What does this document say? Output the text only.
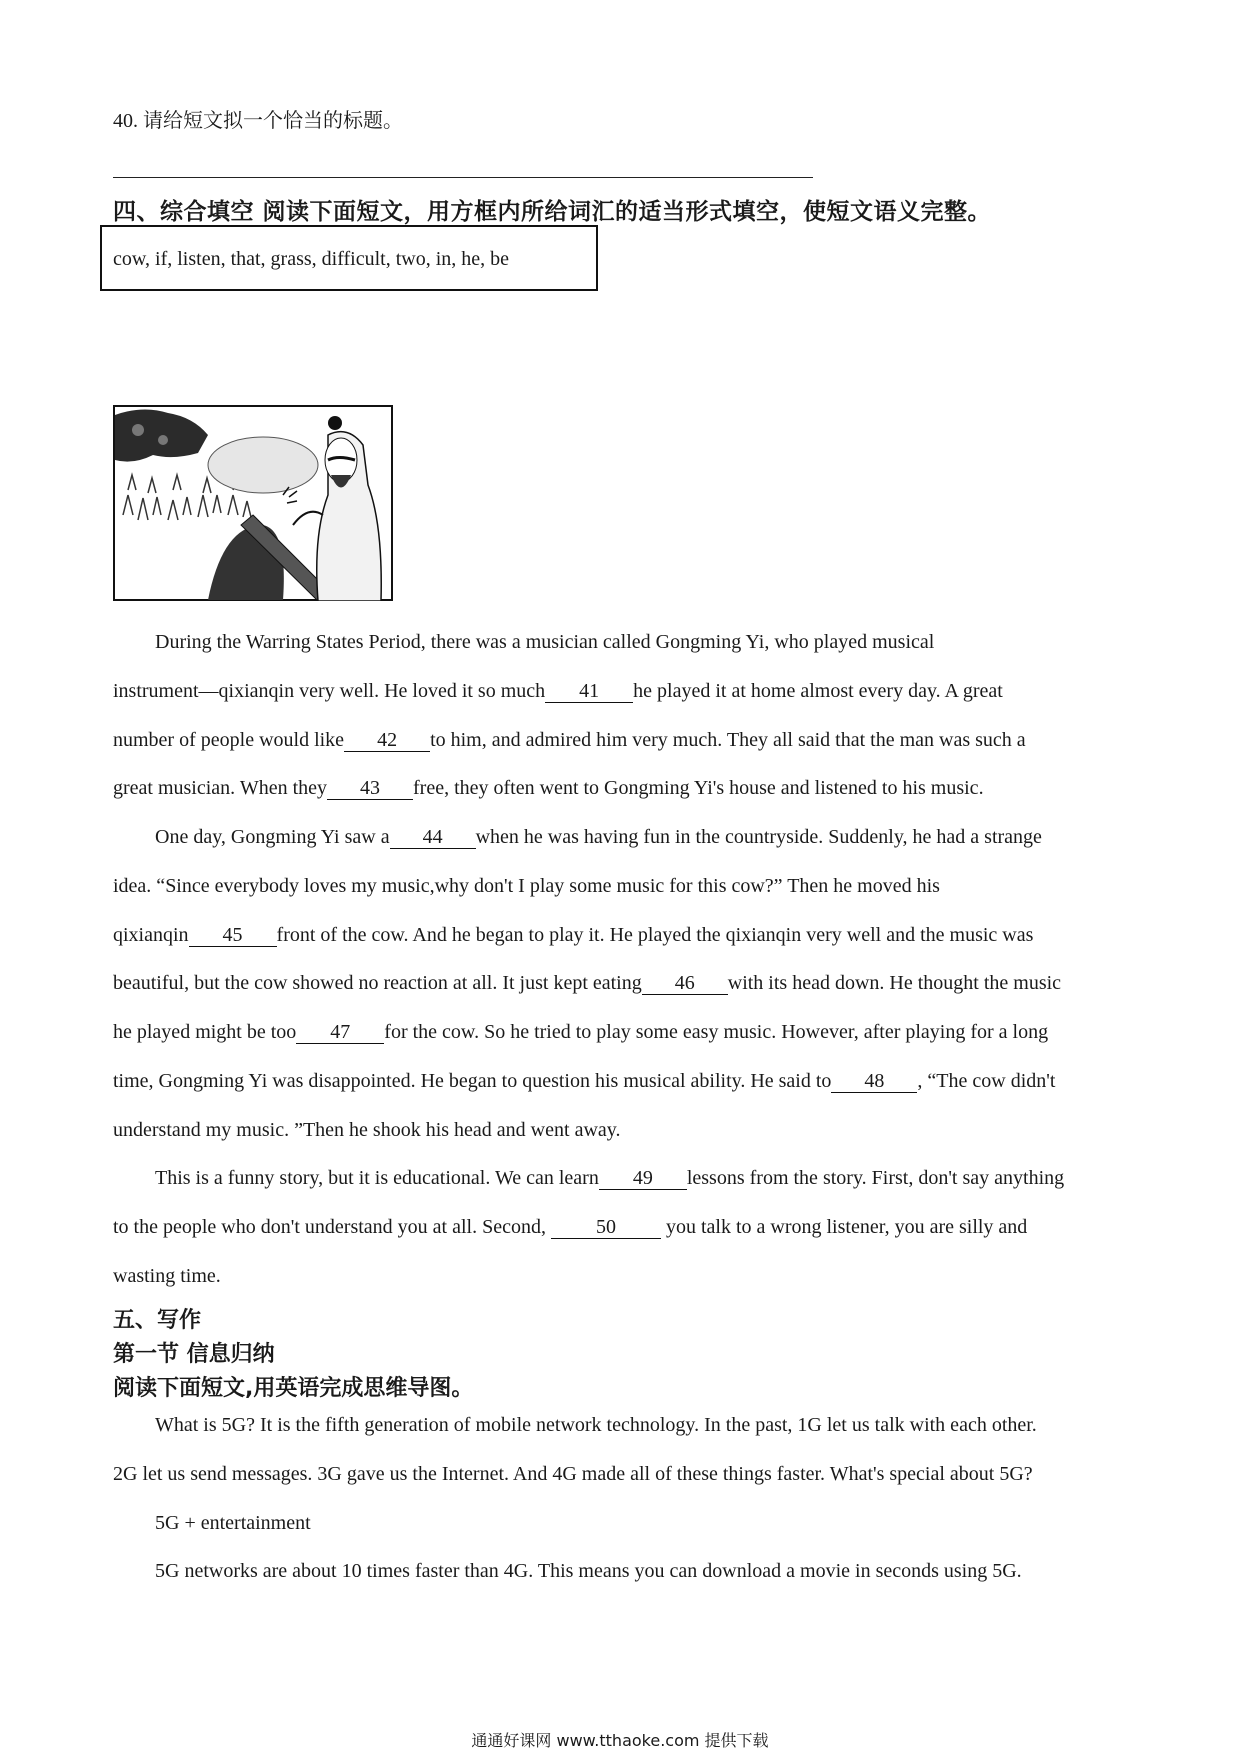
40. 请给短文拟一个恰当的标题。
四、综合填空 阅读下面短文，用方框内所给词汇的适当形式填空，使短文语义完整。
cow, if, listen, that, grass, difficult, two, in, he, be
During the Warring States Period, there was a musician called Gongming Yi, who played musical
instrument—qixianqin very well. He loved it so much 41 he played it at home almost every day. A great
number of people would like 42 to him, and admired him very much. They all said that the man was such a
great musician. When they 43 free, they often went to Gongming Yi's house and listened to his music.
One day, Gongming Yi saw a 44 when he was having fun in the countryside. Suddenly, he had a strange
idea. “Since everybody loves my music,why don't I play some music for this cow?” Then he moved his
qixianqin 45 front of the cow. And he began to play it. He played the qixianqin very well and the music was
beautiful, but the cow showed no reaction at all. It just kept eating 46 with its head down. He thought the music
he played might be too 47 for the cow. So he tried to play some easy music. However, after playing for a long
time, Gongming Yi was disappointed. He began to question his musical ability. He said to 48 , “The cow didn't
understand my music. ”Then he shook his head and went away.
This is a funny story, but it is educational. We can learn 49 lessons from the story. First, don't say anything
to the people who don't understand you at all. Second,	50	you talk to a wrong listener, you are silly and
wasting time.
五、写作
第一节 信息归纳
阅读下面短文,用英语完成思维导图。
What is 5G? It is the fifth generation of mobile network technology. In the past, 1G let us talk with each other.
2G let us send messages. 3G gave us the Internet. And 4G made all of these things faster. What's special about 5G?
5G + entertainment
5G networks are about 10 times faster than 4G. This means you can download a movie in seconds using 5G.
通通好课网 www.tthaoke.com 提供下载
